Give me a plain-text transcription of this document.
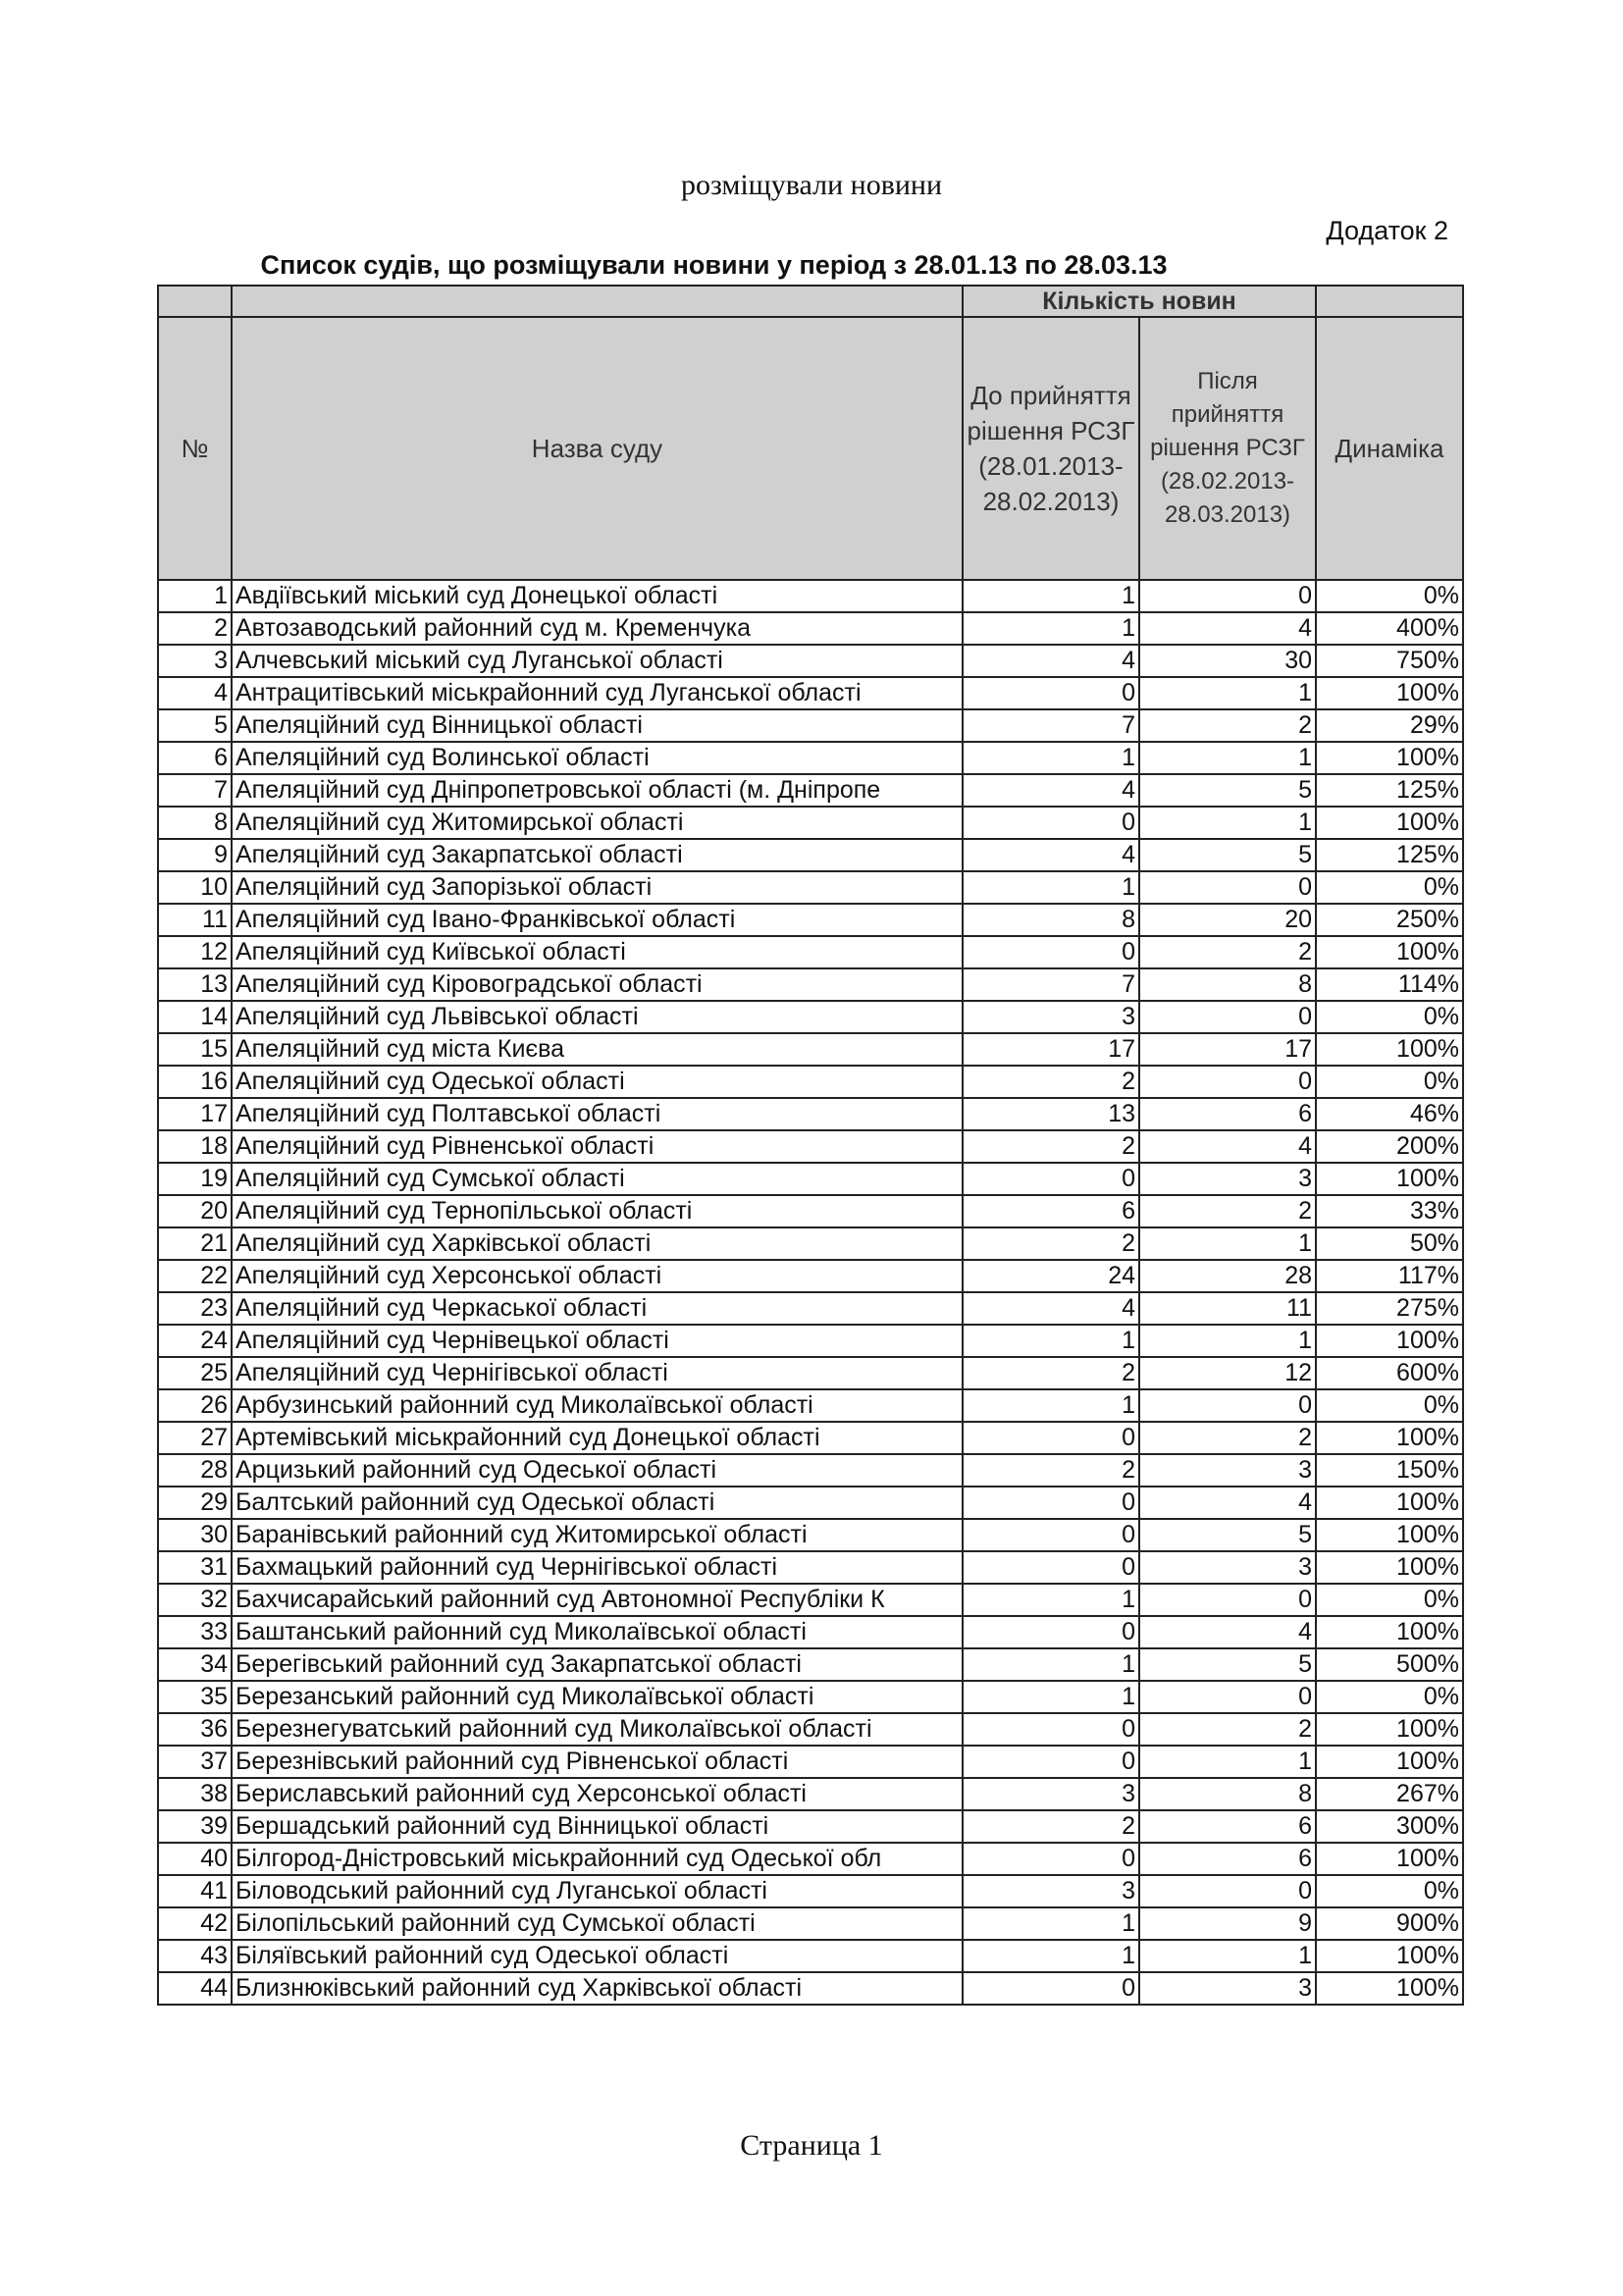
розміщували новини
Додаток 2
Список судів, що розміщували новини у період з 28.01.13 по 28.03.13
		Кількість новин		
№	Назва суду	До прийняття рішення РСЗГ (28.01.2013-28.02.2013)	Після прийняття рішення РСЗГ (28.02.2013-28.03.2013)	Динаміка
1	Авдіївський міський суд Донецької області	1	0	0%
2	Автозаводський районний суд м. Кременчука	1	4	400%
3	Алчевський міський суд Луганської області	4	30	750%
4	Антрацитівський міськрайонний суд Луганської області	0	1	100%
5	Апеляційний суд Вінницької області	7	2	29%
6	Апеляційний суд Волинської області	1	1	100%
7	Апеляційний суд Дніпропетровської області (м. Дніпропе	4	5	125%
8	Апеляційний суд Житомирської області	0	1	100%
9	Апеляційний суд Закарпатської області	4	5	125%
10	Апеляційний суд Запорізької області	1	0	0%
11	Апеляційний суд Івано-Франківської області	8	20	250%
12	Апеляційний суд Київської області	0	2	100%
13	Апеляційний суд Кіровоградської області	7	8	114%
14	Апеляційний суд Львівської області	3	0	0%
15	Апеляційний суд міста Києва	17	17	100%
16	Апеляційний суд Одеської області	2	0	0%
17	Апеляційний суд Полтавської області	13	6	46%
18	Апеляційний суд Рівненської області	2	4	200%
19	Апеляційний суд Сумської області	0	3	100%
20	Апеляційний суд Тернопільської області	6	2	33%
21	Апеляційний суд Харківської області	2	1	50%
22	Апеляційний суд Херсонської області	24	28	117%
23	Апеляційний суд Черкаської області	4	11	275%
24	Апеляційний суд Чернівецької області	1	1	100%
25	Апеляційний суд Чернігівської області	2	12	600%
26	Арбузинський районний суд Миколаївської області	1	0	0%
27	Артемівський міськрайонний суд Донецької області	0	2	100%
28	Арцизький районний суд Одеської області	2	3	150%
29	Балтський районний суд Одеської області	0	4	100%
30	Баранівський районний суд Житомирської області	0	5	100%
31	Бахмацький районний суд Чернігівської області	0	3	100%
32	Бахчисарайський районний суд Автономної Республіки К	1	0	0%
33	Баштанський районний суд Миколаївської області	0	4	100%
34	Берегівський районний суд Закарпатської області	1	5	500%
35	Березанський районний суд Миколаївської області	1	0	0%
36	Березнегуватський районний суд Миколаївської області	0	2	100%
37	Березнівський районний суд Рівненської області	0	1	100%
38	Бериславський районний суд Херсонської області	3	8	267%
39	Бершадський районний суд Вінницької області	2	6	300%
40	Білгород-Дністровський міськрайонний суд Одеської обл	0	6	100%
41	Біловодський районний суд Луганської області	3	0	0%
42	Білопільський районний суд Сумської області	1	9	900%
43	Біляївський районний суд Одеської області	1	1	100%
44	Близнюківський районний суд Харківської області	0	3	100%
Страница 1
